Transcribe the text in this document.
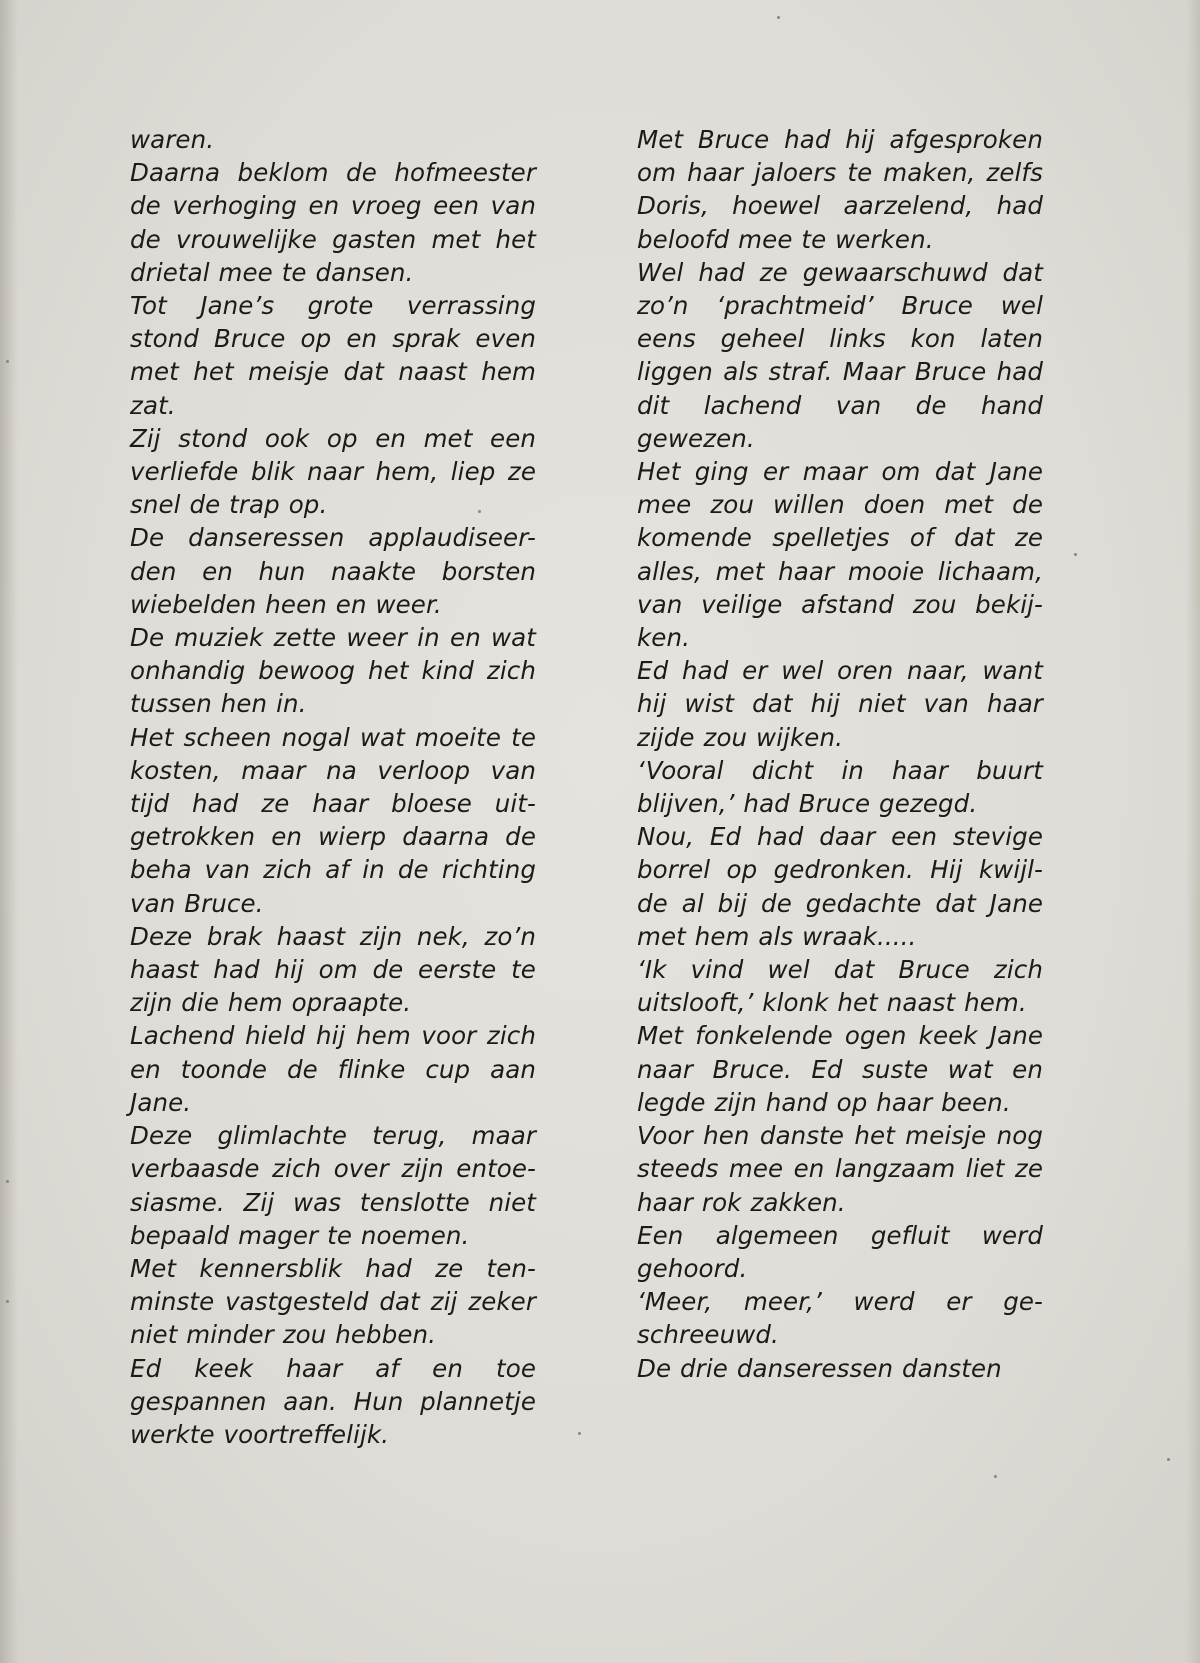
waren.

Daarna beklom de hofmeester de verhoging en vroeg een van de vrouwelijke gasten met het drietal mee te dansen.

Tot Jane’s grote verrassing stond Bruce op en sprak even met het meisje dat naast hem zat.

Zij stond ook op en met een verliefde blik naar hem, liep ze snel de trap op.

De danseressen applaudiseer-den en hun naakte borsten wiebelden heen en weer.

De muziek zette weer in en wat onhandig bewoog het kind zich tussen hen in.

Het scheen nogal wat moeite te kosten, maar na verloop van tijd had ze haar bloese uit-getrokken en wierp daarna de beha van zich af in de richting van Bruce.

Deze brak haast zijn nek, zo’n haast had hij om de eerste te zijn die hem opraapte.

Lachend hield hij hem voor zich en toonde de flinke cup aan Jane.

Deze glimlachte terug, maar verbaasde zich over zijn entoe-siasme. Zij was tenslotte niet bepaald mager te noemen.

Met kennersblik had ze ten-minste vastgesteld dat zij zeker niet minder zou hebben.

Ed keek haar af en toe gespannen aan. Hun plannetje werkte voortreffelijk.

Met Bruce had hij afgesproken om haar jaloers te maken, zelfs Doris, hoewel aarzelend, had beloofd mee te werken.

Wel had ze gewaarschuwd dat zo’n ‘prachtmeid’ Bruce wel eens geheel links kon laten liggen als straf. Maar Bruce had dit lachend van de hand gewezen.

Het ging er maar om dat Jane mee zou willen doen met de komende spelletjes of dat ze alles, met haar mooie lichaam, van veilige afstand zou bekij-ken.

Ed had er wel oren naar, want hij wist dat hij niet van haar zijde zou wijken.

‘Vooral dicht in haar buurt blijven,’ had Bruce gezegd.

Nou, Ed had daar een stevige borrel op gedronken. Hij kwijl-de al bij de gedachte dat Jane met hem als wraak.....

‘Ik vind wel dat Bruce zich uitslooft,’ klonk het naast hem.

Met fonkelende ogen keek Jane naar Bruce. Ed suste wat en legde zijn hand op haar been.

Voor hen danste het meisje nog steeds mee en langzaam liet ze haar rok zakken.

Een algemeen gefluit werd gehoord.

‘Meer, meer,’ werd er ge-schreeuwd.

De drie danseressen dansten
